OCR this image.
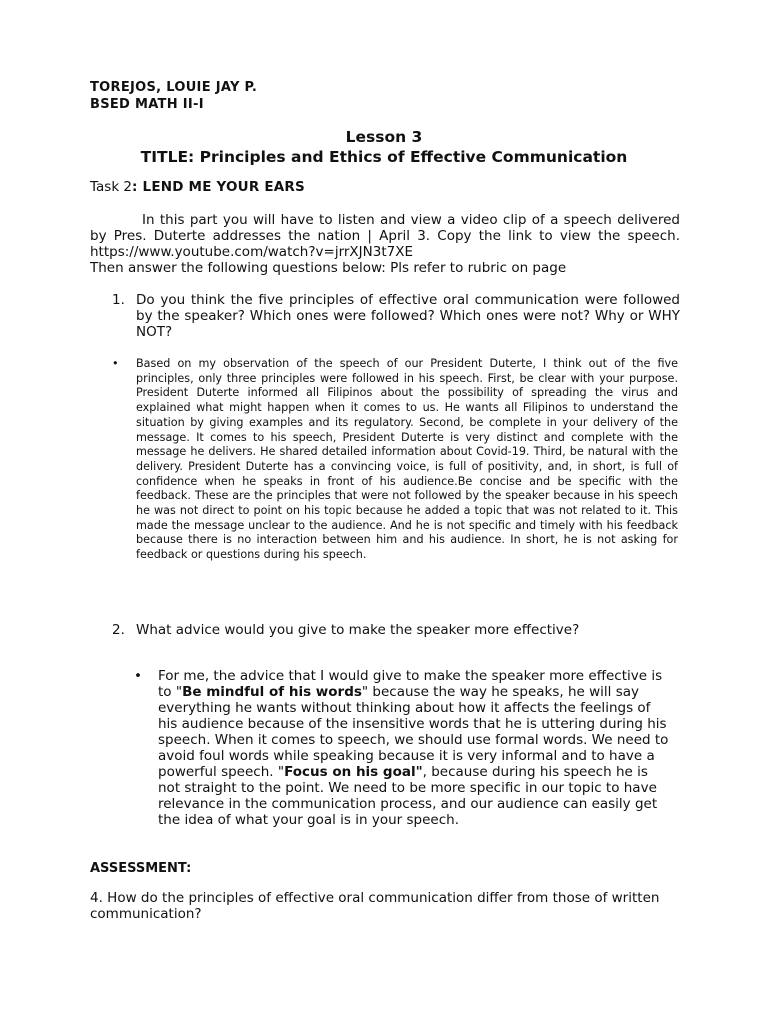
TOREJOS, LOUIE JAY P.
BSED MATH II-I
Lesson 3
TITLE: Principles and Ethics of Effective Communication
Task 2: LEND ME YOUR EARS

In this part you will have to listen and view a video clip of a speech delivered by Pres. Duterte addresses the nation | April 3. Copy the link to view the speech. https://www.youtube.com/watch?v=jrrXJN3t7XE

Then answer the following questions below: Pls refer to rubric on page

1. Do you think the five principles of effective oral communication were followed by the speaker? Which ones were followed? Which ones were not? Why or WHY NOT?
• Based on my observation of the speech of our President Duterte, I think out of the five principles, only three principles were followed in his speech. First, be clear with your purpose. President Duterte informed all Filipinos about the possibility of spreading the virus and explained what might happen when it comes to us. He wants all Filipinos to understand the situation by giving examples and its regulatory. Second, be complete in your delivery of the message. It comes to his speech, President Duterte is very distinct and complete with the message he delivers. He shared detailed information about Covid-19. Third, be natural with the delivery. President Duterte has a convincing voice, is full of positivity, and, in short, is full of confidence when he speaks in front of his audience.Be concise and be specific with the feedback. These are the principles that were not followed by the speaker because in his speech he was not direct to point on his topic because he added a topic that was not related to it. This made the message unclear to the audience. And he is not specific and timely with his feedback because there is no interaction between him and his audience. In short, he is not asking for feedback or questions during his speech.
2. What advice would you give to make the speaker more effective?
• For me, the advice that I would give to make the speaker more effective is to "Be mindful of his words" because the way he speaks, he will say everything he wants without thinking about how it affects the feelings of his audience because of the insensitive words that he is uttering during his speech. When it comes to speech, we should use formal words. We need to avoid foul words while speaking because it is very informal and to have a powerful speech. "Focus on his goal", because during his speech he is not straight to the point. We need to be more specific in our topic to have relevance in the communication process, and our audience can easily get the idea of what your goal is in your speech.
ASSESSMENT:
4. How do the principles of effective oral communication differ from those of written communication?
